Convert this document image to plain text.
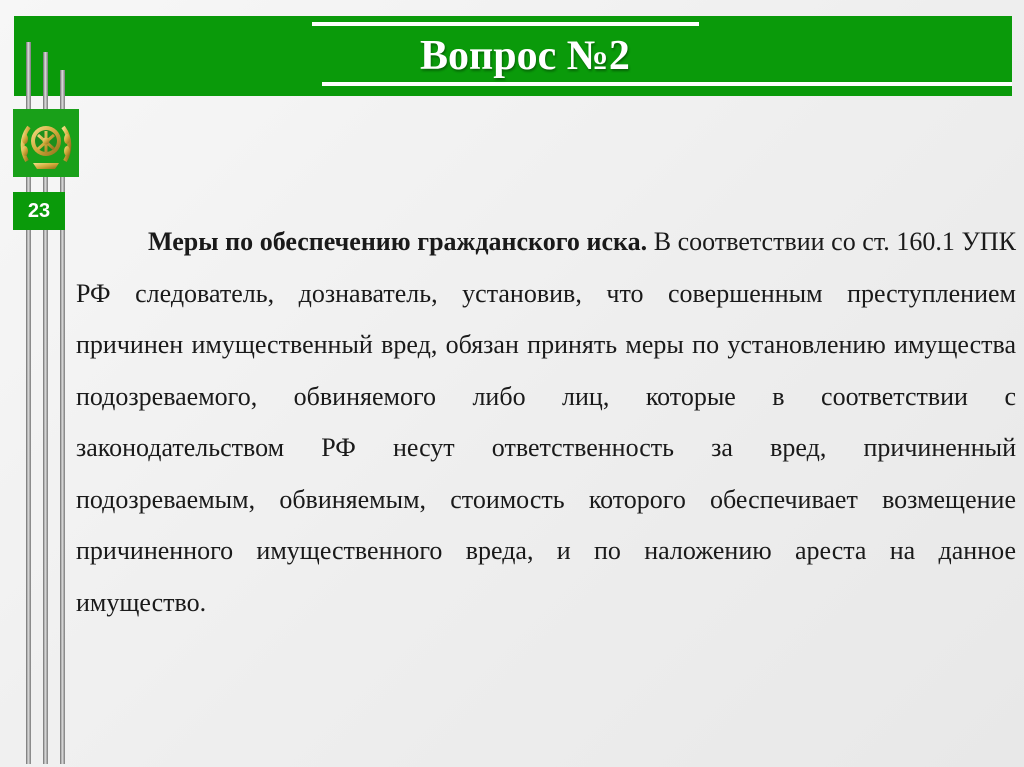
Вопрос №2
23
Меры по обеспечению гражданского иска. В соответствии со ст. 160.1 УПК РФ следователь, дознаватель, установив, что совершенным преступлением причинен имущественный вред, обязан принять меры по установлению имущества подозреваемого, обвиняемого либо лиц, которые в соответствии с законодательством РФ несут ответственность за вред, причиненный подозреваемым, обвиняемым, стоимость которого обеспечивает возмещение причиненного имущественного вреда, и по наложению ареста на данное имущество.
